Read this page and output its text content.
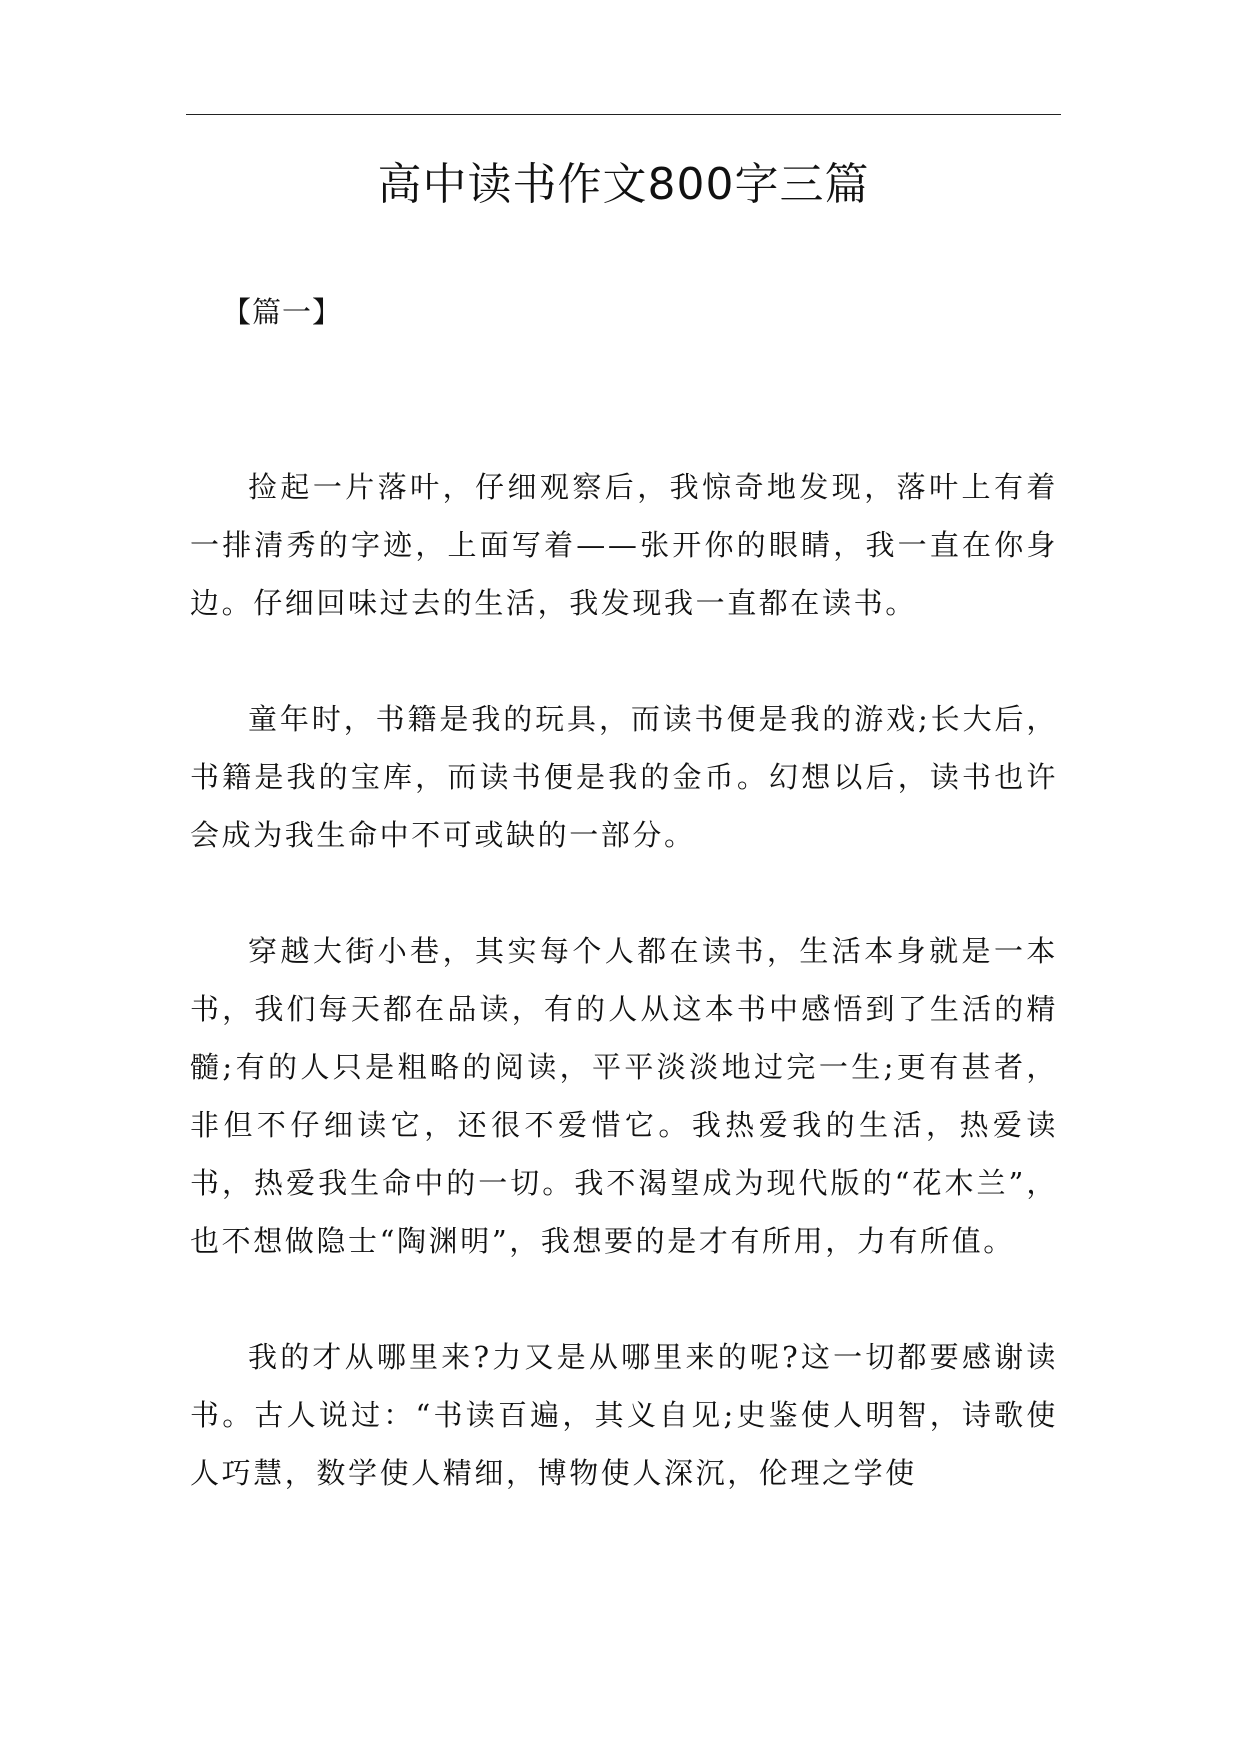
高中读书作文800字三篇
【篇一】

捡起一片落叶，仔细观察后，我惊奇地发现，落叶上有着一排清秀的字迹，上面写着——张开你的眼睛，我一直在你身边。仔细回味过去的生活，我发现我一直都在读书。

童年时，书籍是我的玩具，而读书便是我的游戏;长大后，书籍是我的宝库，而读书便是我的金币。幻想以后，读书也许会成为我生命中不可或缺的一部分。

穿越大街小巷，其实每个人都在读书，生活本身就是一本书，我们每天都在品读，有的人从这本书中感悟到了生活的精髓;有的人只是粗略的阅读，平平淡淡地过完一生;更有甚者，非但不仔细读它，还很不爱惜它。我热爱我的生活，热爱读书，热爱我生命中的一切。我不渴望成为现代版的“花木兰”，也不想做隐士“陶渊明”，我想要的是才有所用，力有所值。

我的才从哪里来?力又是从哪里来的呢?这一切都要感谢读书。古人说过：“书读百遍，其义自见;史鉴使人明智，诗歌使人巧慧，数学使人精细，博物使人深沉，伦理之学使
